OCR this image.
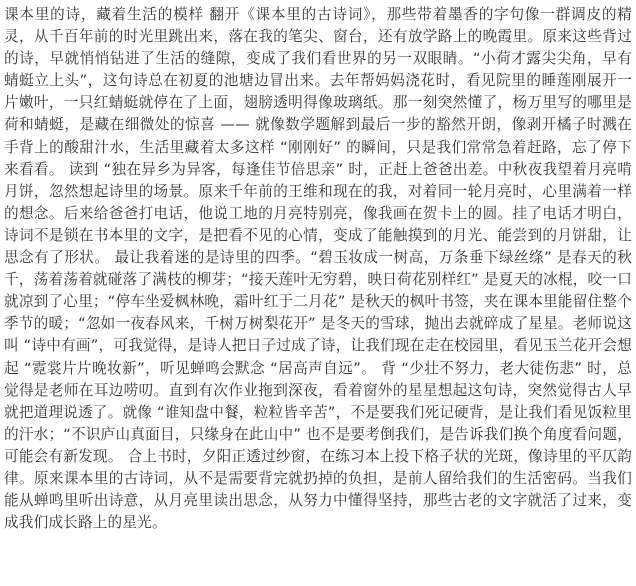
课本里的诗，藏着生活的模样 翻开《课本里的古诗词》，那些带着墨香的字句像一群调皮的精灵，从千百年前的时光里跳出来，落在我的笔尖、窗台，还有放学路上的晚霞里。原来这些背过的诗，早就悄悄钻进了生活的缝隙，变成了我们看世界的另一双眼睛。“小荷才露尖尖角，早有蜻蜓立上头”，这句诗总在初夏的池塘边冒出来。去年帮妈妈浇花时，看见院里的睡莲刚展开一片嫩叶，一只红蜻蜓就停在了上面，翅膀透明得像玻璃纸。那一刻突然懂了，杨万里写的哪里是荷和蜻蜓，是藏在细微处的惊喜 —— 就像数学题解到最后一步的豁然开朗，像剥开橘子时溅在手背上的酸甜汁水，生活里藏着太多这样 “刚刚好” 的瞬间，只是我们常常急着赶路，忘了停下来看看。 读到 “独在异乡为异客，每逢佳节倍思亲” 时，正赶上爸爸出差。中秋夜我望着月亮啃月饼，忽然想起诗里的场景。原来千年前的王维和现在的我，对着同一轮月亮时，心里满着一样的想念。后来给爸爸打电话，他说工地的月亮特别亮，像我画在贺卡上的圆。挂了电话才明白，诗词不是锁在书本里的文字，是把看不见的心情，变成了能触摸到的月光、能尝到的月饼甜，让思念有了形状。 最让我着迷的是诗里的四季。“碧玉妆成一树高，万条垂下绿丝绦” 是春天的秋千，荡着荡着就碰落了满枝的柳芽；“接天莲叶无穷碧，映日荷花别样红” 是夏天的冰棍，咬一口就凉到了心里；“停车坐爱枫林晚，霜叶红于二月花” 是秋天的枫叶书签，夹在课本里能留住整个季节的暖；“忽如一夜春风来，千树万树梨花开” 是冬天的雪球，抛出去就碎成了星星。老师说这叫 “诗中有画”，可我觉得，是诗人把日子过成了诗，让我们现在走在校园里，看见玉兰花开会想起 “霓裳片片晚妆新”，听见蝉鸣会默念 “居高声自远”。 背 “少壮不努力，老大徒伤悲” 时，总觉得是老师在耳边唠叨。直到有次作业拖到深夜，看着窗外的星星想起这句诗，突然觉得古人早就把道理说透了。就像 “谁知盘中餐，粒粒皆辛苦”，不是要我们死记硬背，是让我们看见饭粒里的汗水；“不识庐山真面目，只缘身在此山中” 也不是要考倒我们，是告诉我们换个角度看问题，可能会有新发现。 合上书时，夕阳正透过纱窗，在练习本上投下格子状的光斑，像诗里的平仄韵律。原来课本里的古诗词，从不是需要背完就扔掉的负担，是前人留给我们的生活密码。当我们能从蝉鸣里听出诗意，从月亮里读出思念，从努力中懂得坚持，那些古老的文字就活了过来，变成我们成长路上的星光。
